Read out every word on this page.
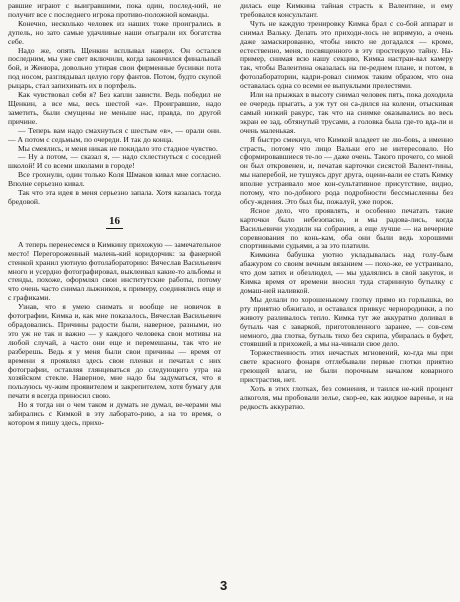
равшие играют с выигравшими, пока один, послед-ний, не получит все с последнего игрока противо-положной команды.

Конечно, несколько человек из наших тоже проигрались в дупель, но зато самые удачливые наши отыграли их богатства себе.

Надо же, опять Щенкин всплывал наверх. Он остался последним, мы уже свет включили, когда закончился финальный бой, и Женюра, довольно утирая свои фирменные бусинки пота под носом, разглядывал целую гору фантов. Потом, будто скупой рыцарь, стал запихивать их в портфель.

Как чувствовал себя я? Без капли зависти. Ведь победил не Щенкин, а все мы, весь шестой «а». Проигравшие, надо заметить, были смущены не меньше нас, правда, по другой причине.

— Теперь вам надо смахнуться с шестым «в», — орали они. — А потом с седьмым, по очереди. И так до конца.

Мы смеялись, и меня никак не покидало это стадное чувство.

— Ну а потом, — сказал я, — надо схлестнуться с соседней школой! И со всеми школами в городе!

Все грохнули, один только Коля Шмаков кивал мне согласно. Вполне серьезно кивал.

Так что эта идея в меня серьезно запала. Хотя казалась тогда бредовой.

16

А теперь перенесемся в Кимкину прихожую — замечательное место! Перегороженный малень-кий коридорчик: за фанерной стенкой хранил уютную фотолабораторию: Вячеслав Васильевич много и усердно фотографировал, выклеивал какие-то альбомы и стенды, похоже, оформлял свои институтские работы, потому что очень часто снимал лыжников, к примеру, соединялись еще и с графиками.

Узнав, что я умею снимать и вообще не новичок в фотографии, Кимка и, как мне показалось, Вячеслав Васильевич обрадовались. Причины радости были, наверное, разными, но это уж не так и важно — у каждого человека свои мотивы на любой случай, а часто они еще и перемешаны, так что не разберешь. Ведь я у меня были свои причины — время от времени я проявлял здесь свои пленки и печатал с них фотографии, оставляя глянцеваться до следующего утра на хозяйском стекле. Наверное, мне надо бы задуматься, что я пользуюсь чу-жим проявителем и закрепителем, хотя бумагу для печати я всегда приносил свою.

Но я тогда ни о чем таком и думать не думал, ве-черами мы забирались с Кимкой в эту лаборато-рию, а на то время, о котором я пишу здесь, прихо-

дилась еще Кимкина тайная страсть к Валентине, и ему требовался консультант.

Чуть не каждую тренировку Кимка брал с со-бой аппарат и снимал Вальку. Делать это приходи-лось не впрямую, а очень даже замаскированно, чтобы никто не догадался — кроме, естественно, меня, посвященного в эту простецкую тайну. На-пример, снимая всю нашу секцию, Кимка настраи-вал камеру так, чтобы Валентина оказалась на пе-реднем плане, и потом, в фотолаборатории, кадри-ровал снимок таким образом, что она оставалась одна со всеми ее выпуклыми прелестями.

Или на прыжках в высоту снимал человек пять, пока доходила ее очередь прыгать, а уж тут он са-дился на колени, отыскивая самый низкий ракурс, так что на снимке оказывались во весь экран ее зад, обтянутый трусами, а головка была где-то вда-ли и очень маленькая.

Я быстро смекнул, что Кимкой владеет не лю-бовь, а именно страсть, потому что лицо Вальки его не интересовало. Но сформировавшиеся те-ло — даже очень. Такого прочего, со мной он был откровенен, и, печатая карточки сисястой Валент-тины, мы наперебой, не тушуясь друг друга, оцени-вали ее стать Кимку вполне устраивало мое кон-сультативное присутствие, видно, потому, что по-добного рода подробности бессмысленны без обсу-ждения. Это был бы, пожалуй, уже порок.

Ясное дело, что проявлять, и особенно печатать такие карточки было небезопасно, и мы радова-лись, когда Васильевичи уходили на собрания, а еще лучше — на вечерние соревнования по конь-кам, оба они были ведь хорошими спортивными судьями, а за это платили.

Кимкина бабушка уютно укладывалась над голу-бым абажуром со своим вечным вязанием — похо-же, ее устраивало, что дом затих и обезлюдел, — мы удалялись в свой закуток, и Кимка время от времени вносил туда старинную бутылку с домаш-ней наливкой.

Мы делали по хорошенькому глотку прямо из горлышка, во рту приятно обжигало, и оставался привкус чернородинки, а по животу разливалось тепло. Кимка тут же аккуратно доливал в бутыль чая с заваркой, приготовленного заранее, — сов-сем немного, два глотка, бутыль тихо без скрипа, убиралась в буфет, стоявший в прихожей, а мы на-чинали свое дело.

Торжественность этих нечастых мгновений, ко-гда мы при свете красного фонаря отглебывали первые глотки приятно греющей влаги, не были порочным началом коварного пристрастия, нет.

Хоть в этих глотках, без сомнения, и таился не-кий процент алкоголя, мы пробовали зелье, скор-ее, как жидкое варенье, и на редкость аккуратно.

3
